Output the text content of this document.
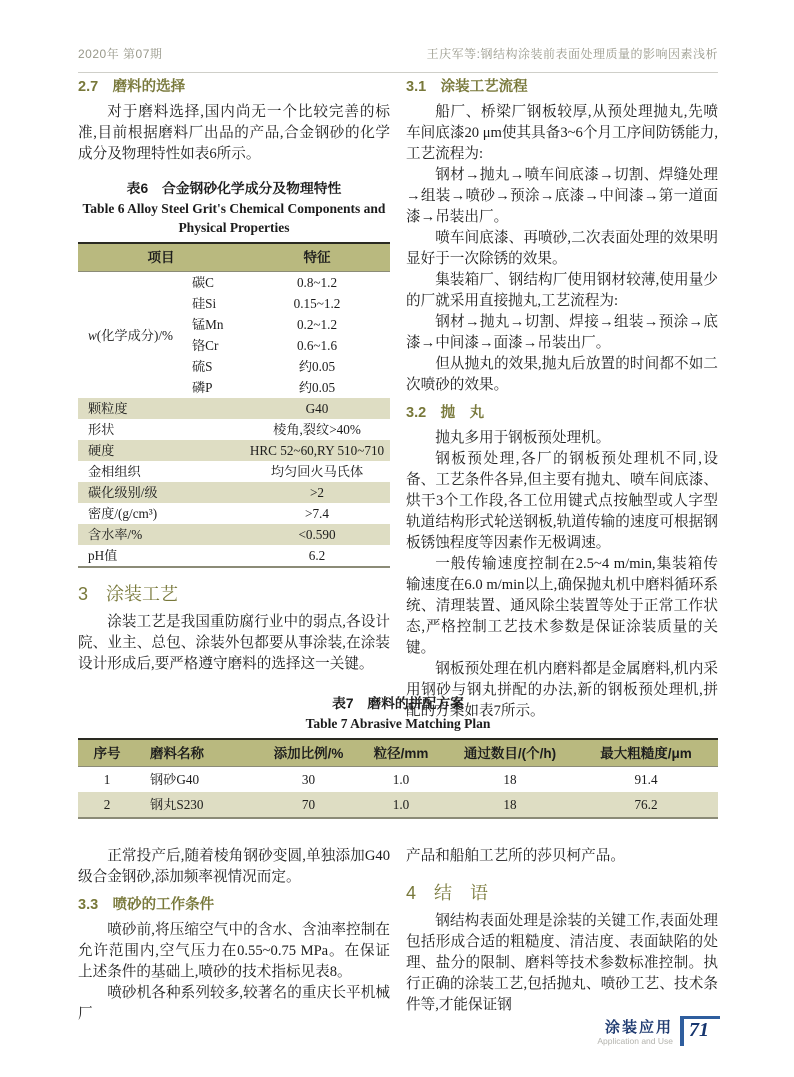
2020年 第07期	王庆军等:钢结构涂装前表面处理质量的影响因素浅析
2.7　磨料的选择

对于磨料选择,国内尚无一个比较完善的标准,目前根据磨料厂出品的产品,合金钢砂的化学成分及物理特性如表6所示。

表6　合金钢砂化学成分及物理特性
Table 6 Alloy Steel Grit's Chemical Components and Physical Properties
项目		特征
w(化学成分)/%	碳C	0.8~1.2
	硅Si	0.15~1.2
	锰Mn	0.2~1.2
	铬Cr	0.6~1.6
	硫S	约0.05
	磷P	约0.05
颗粒度		G40
形状		棱角,裂纹>40%
硬度		HRC 52~60,RY 510~710
金相组织		均匀回火马氏体
碳化级别/级		>2
密度/(g/cm³)		>7.4
含水率/%		<0.590
pH值		6.2
3　涂装工艺

涂装工艺是我国重防腐行业中的弱点,各设计院、业主、总包、涂装外包都要从事涂装,在涂装设计形成后,要严格遵守磨料的选择这一关键。

3.1　涂装工艺流程

船厂、桥梁厂钢板较厚,从预处理抛丸,先喷车间底漆20 μm使其具备3~6个月工序间防锈能力,工艺流程为:

钢材→抛丸→喷车间底漆→切割、焊缝处理→组装→喷砂→预涂→底漆→中间漆→第一道面漆→吊装出厂。

喷车间底漆、再喷砂,二次表面处理的效果明显好于一次除锈的效果。

集装箱厂、钢结构厂使用钢材较薄,使用量少的厂就采用直接抛丸,工艺流程为:

钢材→抛丸→切割、焊接→组装→预涂→底漆→中间漆→面漆→吊装出厂。

但从抛丸的效果,抛丸后放置的时间都不如二次喷砂的效果。

3.2　抛　丸

抛丸多用于钢板预处理机。

钢板预处理,各厂的钢板预处理机不同,设备、工艺条件各异,但主要有抛丸、喷车间底漆、烘干3个工作段,各工位用键式点按触型或人字型轨道结构形式轮送钢板,轨道传输的速度可根据钢板锈蚀程度等因素作无极调速。

一般传输速度控制在2.5~4 m/min,集装箱传输速度在6.0 m/min以上,确保抛丸机中磨料循环系统、清理装置、通风除尘装置等处于正常工作状态,严格控制工艺技术参数是保证涂装质量的关键。

钢板预处理在机内磨料都是金属磨料,机内采用钢砂与钢丸拼配的办法,新的钢板预处理机,拼配的方案如表7所示。

表7　磨料的拼配方案
Table 7 Abrasive Matching Plan
序号	磨料名称	添加比例/%	粒径/mm	通过数目/(个/h)	最大粗糙度/μm
1	钢砂G40	30	1.0	18	91.4
2	钢丸S230	70	1.0	18	76.2

正常投产后,随着棱角钢砂变圆,单独添加G40级合金钢砂,添加频率视情况而定。

3.3　喷砂的工作条件

喷砂前,将压缩空气中的含水、含油率控制在允许范围内,空气压力在0.55~0.75 MPa。在保证上述条件的基础上,喷砂的技术指标见表8。

喷砂机各种系列较多,较著名的重庆长平机械厂

产品和船舶工艺所的莎贝柯产品。

4　结　语

钢结构表面处理是涂装的关键工作,表面处理包括形成合适的粗糙度、清洁度、表面缺陷的处理、盐分的限制、磨料等技术参数标准控制。执行正确的涂装工艺,包括抛丸、喷砂工艺、技术条件等,才能保证钢

涂装应用
Application and Use 71
